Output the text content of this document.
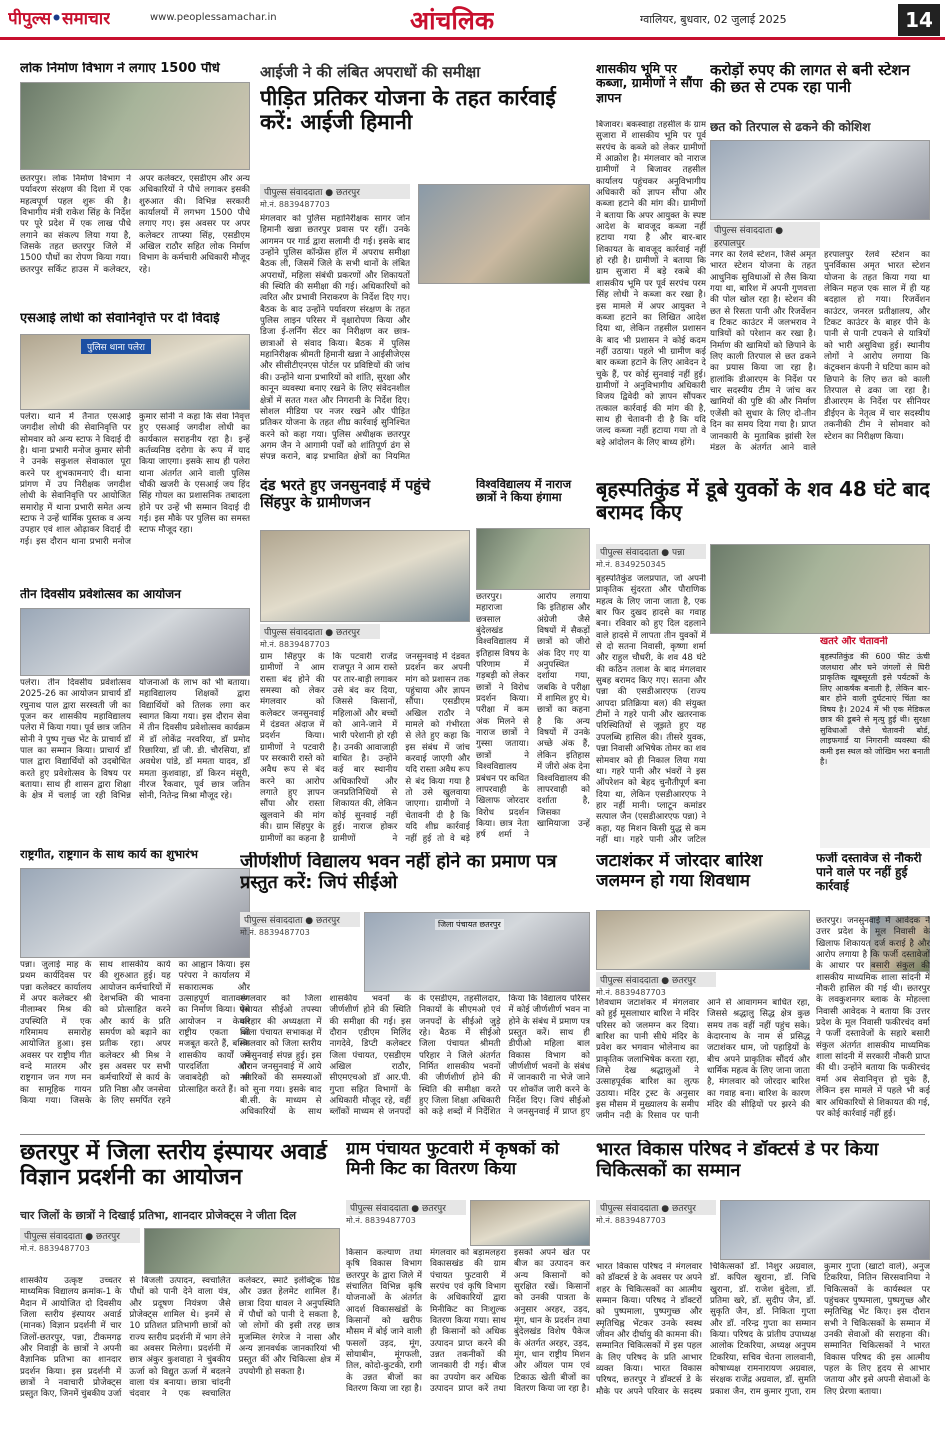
पीपुल्स•समाचार	www.peoplessamachar.in	आंचलिक	ग्वालियर, बुधवार, 02 जुलाई 2025	14
लोक निर्माण विभाग ने लगाए 1500 पौधे
छतरपुर। लोक निर्माण विभाग ने पर्यावरण संरक्षण की दिशा में एक महत्वपूर्ण पहल शुरू की है। विभागीय मंत्री राकेश सिंह के निर्देश पर पूरे प्रदेश में एक लाख पौधे लगाने का संकल्प लिया गया है, जिसके तहत छतरपुर जिले में 1500 पौधों का रोपण किया गया। छतरपुर सर्किट हाउस में कलेक्टर, अपर कलेक्टर, एसडीएम और अन्य अधिकारियों ने पौधे लगाकर इसकी शुरुआत की। विभिन्न सरकारी कार्यालयों में लगभग 1500 पौधे लगाए गए। इस अवसर पर अपर कलेक्टर ताप्स्या सिंह, एसडीएम अखिल राठौर सहित लोक निर्माण विभाग के कर्मचारी अधिकारी मौजूद रहे।
एसआई लोधी को सेवानिवृत्ति पर दी विदाई
पुलिस थाना पलेरा
पलेरा। थाने में तैनात एसआई जगदीश लोधी की सेवानिवृत्ति पर सोमवार को अन्य स्टाफ ने विदाई दी है। थाना प्रभारी मनोज कुमार सोनी ने उनके सकुशल सेवाकाल पूरा करने पर शुभकामनाएं दी। थाना प्रांगण में उप निरीक्षक जगदीश लोधी के सेवानिवृत्ति पर आयोजित समारोह में थाना प्रभारी समेत अन्य स्टाफ ने उन्हें धार्मिक पुस्तक व अन्य उपहार एवं शाल ओढ़ाकर विदाई दी गई। इस दौरान थाना प्रभारी मनोज कुमार सोनी ने कहा कि सेवा निवृत्त हुए एसआई जगदीश लोधी का कार्यकाल सराहनीय रहा है। इन्हें कर्तव्यनिष्ठ दरोगा के रूप में याद किया जाएगा। इसके साथ ही पलेरा थाना अंतर्गत आने वाली पुलिस चौकी खजरी के एसआई जय हिंद सिंह गोयल का प्रशासनिक तबादला होने पर उन्हें भी सम्मान विदाई दी गई। इस मौके पर पुलिस का समस्त स्टाफ मौजूद रहा।
तीन दिवसीय प्रवेशोत्सव का आयोजन
पलेरा। तीन दिवसीय प्रवेशोत्सव 2025-26 का आयोजन प्राचार्य डॉ रघुनाथ पाल द्वारा सरस्वती जी का पूजन कर शासकीय महाविद्यालय पलेरा में किया गया। पूर्व छात्र जतिन सोनी ने पुष्प गुच्छ भेंट के प्राचार्य डॉ पाल का सम्मान किया। प्राचार्य डॉ पाल द्वारा विद्यार्थियों को उदबोधित करते हुए प्रवेशोत्सव के विषय पर बताया। साथ ही शासन द्वारा शिक्षा के क्षेत्र में चलाई जा रही विभिन्न योजनाओं के लाभ को भी बताया। महाविद्यालय शिक्षकों द्वारा विद्यार्थियों को तिलक लगा कर स्वागत किया गया। इस दौरान सेवा में तीन दिवसीय प्रवेशोत्सव कार्यक्रम में डॉ लोकेंद्र नरवरिया, डॉ प्रमोद रिछारिया, डॉ जी. डी. चौरसिया, डॉ अवधेश पांडे, डॉ ममता यादव, डॉ ममता कुशवाहा, डॉ किरन मंसूरी, नीरज रैकवार, पूर्व छात्र जतिन सोनी, नितेन्द्र मिश्रा मौजूद रहे।
राष्ट्रगीत, राष्ट्रगान के साथ कार्य का शुभारंभ
पन्ना। जुलाई माह के प्रथम कार्यदिवस पर पन्ना कलेक्टर कार्यालय में अपर कलेक्टर श्री नीलाम्बर मिश्र की उपस्थिति में एक गरिमामय समारोह आयोजित हुआ। इस अवसर पर राष्ट्रीय गीत वन्दे मातरम और राष्ट्रगान जन गण मन का सामूहिक गायन किया गया। जिसके साथ शासकीय कार्य की शुरुआत हुई। यह आयोजन कर्मचारियों में देशभक्ति की भावना को प्रोत्साहित करने और कार्य के प्रति समर्पण को बढ़ाने का प्रतीक रहा। अपर कलेक्टर श्री मिश्र ने इस अवसर पर सभी कर्मचारियों से कार्य के प्रति निष्ठा और जनसेवा के लिए समर्पित रहने का आह्वान किया। इस परंपरा ने कार्यालय में सकारात्मक और उत्साहपूर्ण वातावरण का निर्माण किया। ऐसे आयोजन न केवल राष्ट्रीय एकता को मजबूत करते हैं, बल्कि शासकीय कार्यों में पारदर्शिता और जवाबदेही को भी प्रोत्साहित करते हैं।
आईजी ने की लंबित अपराधों की समीक्षा
पीड़ित प्रतिकर योजना के तहत कार्रवाई करें: आईजी हिमानी
पीपुल्स संवाददाता ● छतरपुर
मो.नं. 8839487703
मंगलवार को पुलिस महानिरीक्षक सागर जोन हिमानी खन्ना छतरपुर प्रवास पर रहीं। उनके आगमन पर गार्ड द्वारा सलामी दी गई। इसके बाद उन्होंने पुलिस कॉन्फ्रेंस हॉल में अपराध समीक्षा बैठक ली, जिसमें जिले के सभी थानों के लंबित अपराधों, महिला संबंधी प्रकरणों और शिकायतों की स्थिति की समीक्षा की गई। अधिकारियों को त्वरित और प्रभावी निराकरण के निर्देश दिए गए। बैठक के बाद उन्होंने पर्यावरण संरक्षण के तहत पुलिस लाइन परिसर में वृक्षारोपण किया और डिजा ई-लर्निंग सेंटर का निरीक्षण कर छात्र-छात्राओं से संवाद किया। बैठक में पुलिस महानिरीक्षक श्रीमती हिमानी खन्ना ने आईसीजेएस और सीसीटीएनएस पोर्टल पर प्रविष्टियों की जांच की। उन्होंने थाना प्रभारियों को शांति, सुरक्षा और कानून व्यवस्था बनाए रखने के लिए संवेदनशील क्षेत्रों में सतत गश्त और निगरानी के निर्देश दिए। सोशल मीडिया पर नजर रखने और पीड़ित प्रतिकर योजना के तहत शीघ्र कार्रवाई सुनिश्चित करने को कहा गया। पुलिस अधीक्षक छतरपुर अगम जैन ने आगामी पर्वों को शांतिपूर्ण ढंग से संपन्न कराने, बाढ़ प्रभावित क्षेत्रों का नियमित
शासकीय भूमि पर कब्जा, ग्रामीणों ने सौंपा ज्ञापन
बिजावर। बकस्वाहा तहसील के ग्राम सुजारा में शासकीय भूमि पर पूर्व सरपंच के कब्जे को लेकर ग्रामीणों में आक्रोश है। मंगलवार को नाराज ग्रामीणों ने बिजावर तहसील कार्यालय पहुंचकर अनुविभागीय अधिकारी को ज्ञापन सौंपा और कब्जा हटाने की मांग की। ग्रामीणों ने बताया कि अपर आयुक्त के स्पष्ट आदेश के बावजूद कब्जा नहीं हटाया गया है और बार-बार शिकायत के बावजूद कार्रवाई नहीं हो रही है। ग्रामीणों ने बताया कि ग्राम सुजारा में बड़े रकबे की शासकीय भूमि पर पूर्व सरपंच परम सिंह लोधी ने कब्जा कर रखा है। इस मामले में अपर आयुक्त ने कब्जा हटाने का लिखित आदेश दिया था, लेकिन तहसील प्रशासन के बाद भी प्रशासन ने कोई कदम नहीं उठाया। पहले भी ग्रामीण कई बार कब्जा हटाने के लिए आवेदन दे चुके हैं, पर कोई सुनवाई नहीं हुई। ग्रामीणों ने अनुविभागीय अधिकारी विजय द्विवेदी को ज्ञापन सौंपकर तत्काल कार्रवाई की मांग की है, साथ ही चेतावनी दी है कि यदि जल्द कब्जा नहीं हटाया गया तो वे बड़े आंदोलन के लिए बाध्य होंगे।
करोड़ों रुपए की लागत से बनी स्टेशन की छत से टपक रहा पानी
छत को तिरपाल से ढकने की कोशिश
पीपुल्स संवाददाता ● हरपालपुर
नगर का रेलवे स्टेशन, जिसे अमृत भारत स्टेशन योजना के तहत आधुनिक सुविधाओं से लैस किया गया था, बारिश में अपनी गुणवत्ता की पोल खोल रहा है। स्टेशन की छत से रिसता पानी और रिजर्वेशन व टिकट काउंटर में जलभराव ने यात्रियों को परेशान कर रखा है। निर्माण की खामियों को छिपाने के लिए काली तिरपाल से छत ढकने का प्रयास किया जा रहा है। हालांकि डीआरएम के निर्देश पर चार सदस्यीय टीम ने जांच कर खामियों की पुष्टि की और निर्माण एजेंसी को सुधार के लिए दो-तीन दिन का समय दिया गया है। प्राप्त जानकारी के मुताबिक झांसी रेल मंडल के अंतर्गत आने वाले हरपालपुर रेलवे स्टेशन का पुनर्विकास अमृत भारत स्टेशन योजना के तहत किया गया था लेकिन महज एक साल में ही यह बदहाल हो गया। रिजर्वेशन काउंटर, जनरल प्रतीक्षालय, और टिकट काउंटर के बाहर पीने के पानी से पानी टपकने से यात्रियों को भारी असुविधा हुई। स्थानीय लोगों ने आरोप लगाया कि कंट्रक्शन कंपनी ने घटिया काम को छिपाने के लिए छत को काली तिरपाल से ढका जा रहा है। डीआरएम के निर्देश पर सीनियर डीईएन के नेतृत्व में चार सदस्यीय तकनीकी टीम ने सोमवार को स्टेशन का निरीक्षण किया।
दंड भरते हुए जनसुनवाई में पहुंचे सिंहपुर के ग्रामीणजन
पीपुल्स संवाददाता ● छतरपुर
मो.नं. 8839487703
ग्राम सिंहपुर के ग्रामीणों ने आम रास्ता बंद होने की समस्या को लेकर मंगलवार को कलेक्टर जनसुनवाई में दंडवत अंदाज में प्रदर्शन किया। ग्रामीणों ने पटवारी पर सरकारी रास्ते को अवैध रूप से बंद करने का आरोप लगाते हुए ज्ञापन सौंपा और रास्ता खुलवाने की मांग की। ग्राम सिंहपुर के ग्रामीणों का कहना है कि पटवारी राजेंद्र राजपूत ने आम रास्ते पर तार-बाड़ी लगाकर उसे बंद कर दिया, जिससे किसानों, महिलाओं और बच्चों को आने-जाने में भारी परेशानी हो रही है। उनकी आवाजाही बाधित है। उन्होंने कई बार स्थानीय अधिकारियों और जनप्रतिनिधियों से शिकायत की, लेकिन कोई सुनवाई नहीं हुई। नाराज होकर ग्रामीणों ने जनसुनवाई में दंडवत प्रदर्शन कर अपनी मांग को प्रशासन तक पहुंचाया और ज्ञापन सौंपा। एसडीएम अखिल राठौर ने मामले को गंभीरता से लेते हुए कहा कि इस संबंध में जांच करवाई जाएगी और यदि रास्ता अवैध रूप से बंद किया गया है तो उसे खुलवाया जाएगा। ग्रामीणों ने चेतावनी दी है कि यदि शीघ्र कार्रवाई नहीं हुई तो वे बड़े
विश्वविद्यालय में नाराज छात्रों ने किया हंगामा
छतरपुर। महाराजा छत्रसाल बुंदेलखंड विश्वविद्यालय में इतिहास विषय के परिणाम में गड़बड़ी को लेकर छात्रों ने विरोध प्रदर्शन किया। परीक्षा में कम अंक मिलने से नाराज छात्रों ने गुस्सा जताया। छात्रों ने विश्वविद्यालय प्रबंधन पर कथित लापरवाही के खिलाफ जोरदार विरोध प्रदर्शन किया। छात्र नेता हर्ष शर्मा ने आरोप लगाया कि इतिहास और अंग्रेजी जैसे विषयों में सैकड़ों छात्रों को जीरो अंक दिए गए या अनुपस्थित दर्शाया गया, जबकि वे परीक्षा में शामिल हुए थे। छात्रों का कहना है कि अन्य विषयों में उनके अच्छे अंक हैं, लेकिन इतिहास में जीरो अंक देना विश्वविद्यालय की लापरवाही को दर्शाता है, जिसका खामियाजा उन्हें
बृहस्पतिकुंड में डूबे युवकों के शव 48 घंटे बाद बरामद किए
पीपुल्स संवाददाता ● पन्ना
मो.नं. 8349250345
बृहस्पतिकुंड जलप्रपात, जो अपनी प्राकृतिक सुंदरता और पौराणिक महत्व के लिए जाना जाता है, एक बार फिर दुखद हादसे का गवाह बना। रविवार को हुए दिल दहलाने वाले हादसे में लापता तीन युवकों में से दो सतना निवासी, कृष्णा शर्मा और राहुल चौधरी, के शव 48 घंटे की कठिन तलाश के बाद मंगलवार सुबह बरामद किए गए। सतना और पन्ना की एसडीआरएफ (राज्य आपदा प्रतिक्रिया बल) की संयुक्त टीमों ने गहरे पानी और खतरनाक परिस्थितियों से जूझते हुए यह उपलब्धि हासिल की। तीसरे युवक, पन्ना निवासी अभिषेक तोमर का शव सोमवार को ही निकाल लिया गया था। गहरे पानी और भंवरों ने इस ऑपरेशन को बेहद चुनौतीपूर्ण बना दिया था, लेकिन एसडीआरएफ ने हार नहीं मानी। प्लाटून कमांडर सत्पाल जैन (एसडीआरएफ पन्ना) ने कहा, यह मिशन किसी युद्ध से कम नहीं था। गहरे पानी और जटिल
खतरे और चेतावनी
बृहस्पतिकुंड की 600 फीट ऊंची जलधारा और घने जंगलों से घिरी प्राकृतिक खूबसूरती इसे पर्यटकों के लिए आकर्षक बनाती है, लेकिन बार-बार होने वाली दुर्घटनाएं चिंता का विषय है। 2024 में भी एक मेडिकल छात्र की डूबने से मृत्यु हुई थी। सुरक्षा सुविधाओं जैसे चेतावनी बोर्ड, लाइफगार्ड या निगरानी व्यवस्था की कमी इस स्थल को जोखिम भरा बनाती है।
जीर्णशीर्ण विद्यालय भवन नहीं होने का प्रमाण पत्र प्रस्तुत करें: जिपं सीईओ
पीपुल्स संवाददाता ● छतरपुर
मो.नं. 8839487703
जिला पंचायत छतरपुर
मंगलवार को जिला पंचायत सीईओ तपस्या परिहार की अध्यक्षता में जिला पंचायत सभाकक्ष में मंगलवार को जिला स्तरीय जनसुनवाई संपन्न हुई। इस दौरान जनसुनवाई में आये नागरिकों की समस्याओं को सुना गया। इसके बाद बी.सी. के माध्यम से अधिकारियों के साथ शासकीय भवनों के जीर्णशीर्ण होने की स्थिति की समीक्षा की गई। इस दौरान एडीएम मिलिंद नागदेवे, डिप्टी कलेक्टर जिला पंचायत, एसडीएम अखिल राठौर, सीएमएचओ डॉ आर.पी. गुप्ता सहित विभागों के अधिकारी मौजूद रहे, वहीं ब्लॉकों माध्यम से जनपदों के एसडीएम, तहसीलदार, निकायों के सीएमओ एवं जनपदों के सीईओ जुड़े रहे। बैठक में सीईओ जिला पंचायत श्रीमती परिहार ने जिले अंतर्गत निर्मित शासकीय भवनों की जीर्णशीर्ण होने की स्थिति की समीक्षा करते हुए जिला शिक्षा अधिकारी को कड़े शब्दों में निर्देशित किया कि विद्यालय परिसर में कोई जीर्णशीर्ण भवन ना होने के संबंध में प्रमाण पत्र प्रस्तुत करें। साथ ही डीपीओ महिला बाल विकास विभाग को जीर्णशीर्ण भवनों के संबंध में जानकारी ना भेजे जाने पर शोकॉज जारी करने के निर्देश दिए। जिपं सीईओ ने जनसुनवाई में प्राप्त हुए
जटाशंकर में जोरदार बारिश जलमग्न हो गया शिवधाम
पीपुल्स संवाददाता ● छतरपुर
मो.नं. 8839487703
शिवधाम जटाशंकर में मंगलवार को हुई मूसलाधार बारिश ने मंदिर परिसर को जलमग्न कर दिया। बारिश का पानी सीधे मंदिर के प्रवेश कर भगवान भोलेनाथ का प्राकृतिक जलाभिषेक करता रहा, जिसे देख श्रद्धालुओं ने उत्साहपूर्वक बारिश का लुत्फ उठाया। मंदिर ट्रस्ट के अनुसार इस मौसम में मुख्यालय के समीप जमीन नदी के रिसाव पर पानी आने से आवागमन बाधित रहा, जिससे श्रद्धालु सिद्ध क्षेत्र कुछ समय तक वहीं नहीं पहुंच सके। केदारनाथ के नाम से प्रसिद्ध जटाशंकर धाम, जो पहाड़ियों के बीच अपने प्राकृतिक सौंदर्य और धार्मिक महत्व के लिए जाना जाता है, मंगलवार को जोरदार बारिश का गवाह बना। बारिश के कारण मंदिर की सीढ़ियों पर झरने की
फर्जी दस्तावेज से नौकरी पाने वाले पर नहीं हुई कार्रवाई
छतरपुर। जनसुनवाई में आवेदक ने उत्तर प्रदेश के मूल निवासी के खिलाफ शिकायत दर्ज कराई है और आरोप लगाया है कि फर्जी दस्तावेजों के आधार पर बसारी संकुल की शासकीय माध्यमिक शाला सांदनी में नौकरी हासिल की गई थी। छतरपुर के लवकुशनगर ब्लाक के मोहल्ला निवासी आवेदक ने बताया कि उत्तर प्रदेश के मूल निवासी फकीरचंद वर्मा ने फर्जी दस्तावेजों के सहारे बसारी संकुल अंतर्गत शासकीय माध्यमिक शाला सांदनी में सरकारी नौकरी प्राप्त की थी। उन्होंने बताया कि फकीरचंद वर्मा अब सेवानिवृत्त हो चुके हैं, लेकिन इस मामले में पहले भी कई बार अधिकारियों से शिकायत की गई, पर कोई कार्रवाई नहीं हुई।
छतरपुर में जिला स्तरीय इंस्पायर अवार्ड विज्ञान प्रदर्शनी का आयोजन
चार जिलों के छात्रों ने दिखाई प्रतिभा, शानदार प्रोजेक्ट्स ने जीता दिल
पीपुल्स संवाददाता ● छतरपुर
मो.नं. 8839487703
शासकीय उत्कृष्ट उच्चतर माध्यमिक विद्यालय क्रमांक-1 के मैदान में आयोजित दो दिवसीय जिला स्तरीय इंस्पायर अवार्ड (मानक) विज्ञान प्रदर्शनी में चार जिलों-छतरपुर, पन्ना, टीकमगढ़ और निवाड़ी के छात्रों ने अपनी वैज्ञानिक प्रतिभा का शानदार प्रदर्शन किया। इस प्रदर्शनी में छात्रों ने नवाचारी प्रोजेक्ट्स प्रस्तुत किए, जिनमें चुंबकीय उर्जा से बिजली उत्पादन, स्वचालित पौधों को पानी देने वाला यंत्र, और प्रदूषण नियंत्रण जैसे प्रोजेक्ट्स शामिल थे। इनमें से 10 प्रतिशत प्रतिभागी छात्रों को राज्य स्तरीय प्रदर्शनी में भाग लेने का अवसर मिलेगा। प्रदर्शनी में छात्र अंकुर कुशवाहा ने चुंबकीय ऊर्जा को विद्युत ऊर्जा में बदलने वाला यंत्र बनाया। छात्रा चांदनी चंदवार ने एक स्वचालित कलेक्टर, स्मार्ट इलेक्ट्रिक ग्रिड और उन्नत हेलमेट शामिल हैं। छात्रा दिया धावल ने अनुपस्थिति में पौधों को पानी दे सकता है, जो लोगों की इसी तरह छात्र मुजम्मिल रंगरेज ने नासा और अन्य ज्ञानवर्धक जानकारियां भी प्रस्तुत कीं और चिकित्सा क्षेत्र में उपयोगी हो सकता है।
ग्राम पंचायत फुटवारी में कृषकों को मिनी किट का वितरण किया
पीपुल्स संवाददाता ● छतरपुर
मो.नं. 8839487703
किसान कल्याण तथा कृषि विकास विभाग छतरपुर के द्वारा जिले में संचालित विभिन्न कृषि योजनाओं के अंतर्गत आदर्श विकासखंडों के किसानों को खरीफ मौसम में बोई जाने वाली फसलों उड़द, मूंग, सोयाबीन, मूंगफली, तिल, कोदो-कुटकी, रागी के उन्नत बीजों का वितरण किया जा रहा है। मंगलवार को बड़ामलहरा विकासखंड की ग्राम पंचायत फुटवारी में सरपंच एवं कृषि विभाग के अधिकारियों द्वारा मिनीकिट का निःशुल्क वितरण किया गया। साथ ही किसानों को अधिक उत्पादन प्राप्त करने की उन्नत तकनीकों की जानकारी दी गई। बीज का उपयोग कर अधिक उत्पादन प्राप्त करें तथा इसको अपने खेत पर बीज का उत्पादन कर अन्य किसानों को सुरक्षित रखें। किसानों को उनकी पात्रता के अनुसार अरहर, उड़द, मूंग, धान के प्रदर्शन तथा बुंदेलखंड विशेष पैकेज के अंतर्गत अरहर, उड़द, मूंग, धान राष्ट्रीय मिशन और ऑयल पाम एवं टिकाऊ खेती बीजों का वितरण किया जा रहा है।
भारत विकास परिषद ने डॉक्टर्स डे पर किया चिकित्सकों का सम्मान
पीपुल्स संवाददाता ● छतरपुर
मो.नं. 8839487703
भारत विकास परिषद ने मंगलवार को डॉक्टर्स डे के अवसर पर अपने शहर के चिकित्सकों का आत्मीय सम्मान किया। परिषद ने डॉक्टरों को पुष्पमाला, पुष्पगुच्छ और स्मृतिचिह्न भेंटकर उनके स्वस्थ जीवन और दीर्घायु की कामना की। सम्मानित चिकित्सकों में इस पहल के लिए परिषद के प्रति आभार व्यक्त किया। भारत विकास परिषद, छतरपुर ने डॉक्टर्स डे के मौके पर अपने परिवार के सदस्य चिकित्सकों डॉ. निशुर अग्रवाल, डॉ. कपिल खुराना, डॉ. निधि खुराना, डॉ. राजेश बुंदेला, डॉ. प्रतिमा खरे, डॉ. सुदीप जैन, डॉ. सुकृति जैन, डॉ. निकिता गुप्ता और डॉ. नरिन्द्र गुप्ता का सम्मान किया। परिषद के प्रांतीय उपाध्यक्ष आलोक टिकरिया, अध्यक्ष अनुपम टिकरिया, सचिव चेतना लालवानी, कोषाध्यक्ष रामनारायण अग्रवाल, संरक्षक राजेंद्र अग्रवाल, डॉ. सुमति प्रकाश जैन, राम कुमार गुप्ता, राम कुमार गुप्ता (खाटो वाले), अनुज टिकरिया, नितिन सिरसवानिया ने चिकित्सकों के कार्यस्थल पर पहुंचकर पुष्पमाला, पुष्पगुच्छ और स्मृतिचिह्न भेंट किए। इस दौरान सभी ने चिकित्सकों के सम्मान में उनकी सेवाओं की सराहना की। सम्मानित चिकित्सकों ने भारत विकास परिषद की इस आत्मीय पहल के लिए हृदय से आभार जताया और इसे अपनी सेवाओं के लिए प्रेरणा बताया।
